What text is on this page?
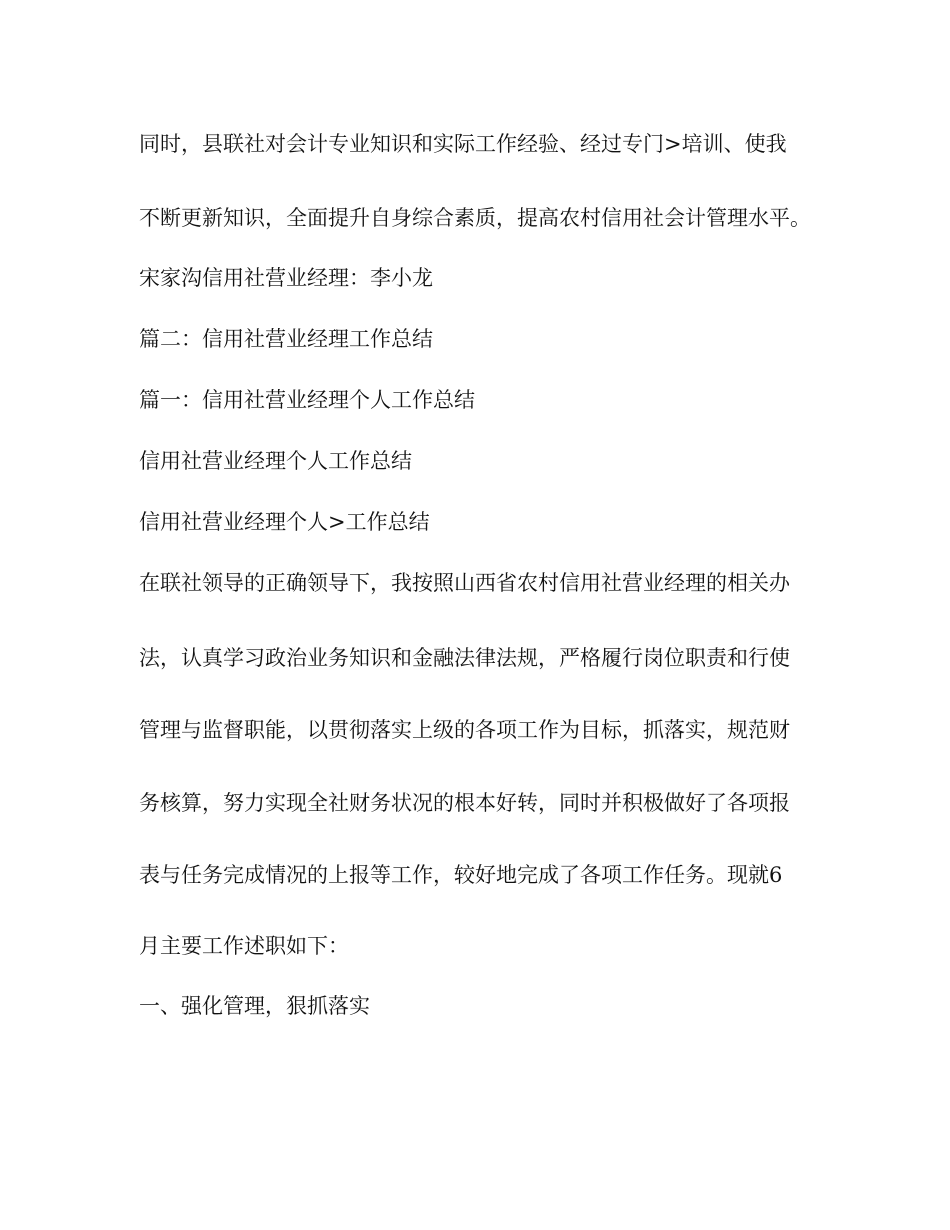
同时，县联社对会计专业知识和实际工作经验、经过专门>培训、使我
不断更新知识，全面提升自身综合素质，提高农村信用社会计管理水平。
宋家沟信用社营业经理：李小龙
篇二：信用社营业经理工作总结
篇一：信用社营业经理个人工作总结
信用社营业经理个人工作总结
信用社营业经理个人>工作总结
在联社领导的正确领导下，我按照山西省农村信用社营业经理的相关办
法，认真学习政治业务知识和金融法律法规，严格履行岗位职责和行使
管理与监督职能，以贯彻落实上级的各项工作为目标，抓落实，规范财
务核算，努力实现全社财务状况的根本好转，同时并积极做好了各项报
表与任务完成情况的上报等工作，较好地完成了各项工作任务。现就6
月主要工作述职如下：
一、强化管理，狠抓落实
